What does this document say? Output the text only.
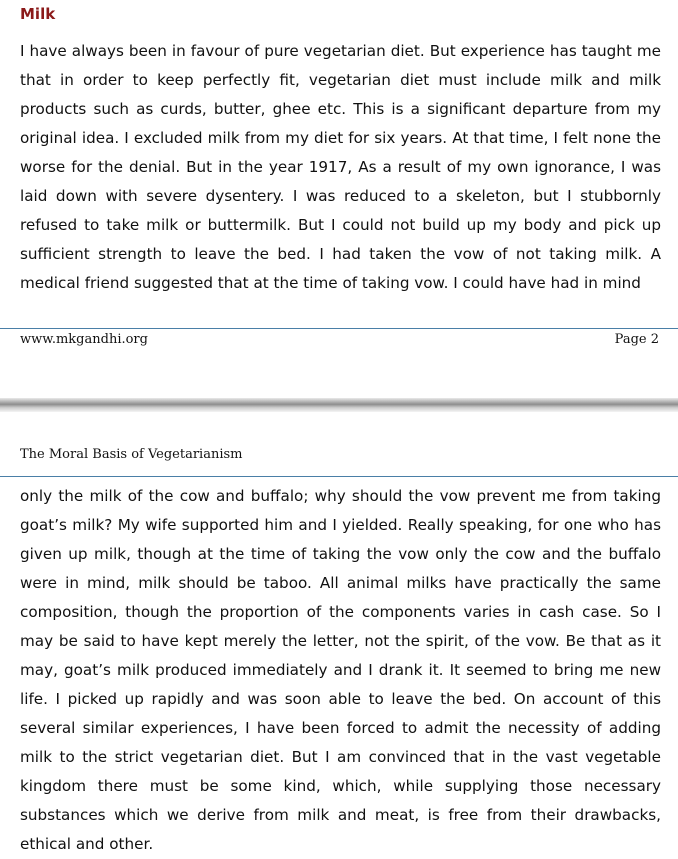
Milk

I have always been in favour of pure vegetarian diet. But experience has taught me that in order to keep perfectly fit, vegetarian diet must include milk and milk products such as curds, butter, ghee etc. This is a significant departure from my original idea. I excluded milk from my diet for six years. At that time, I felt none the worse for the denial. But in the year 1917, As a result of my own ignorance, I was laid down with severe dysentery. I was reduced to a skeleton, but I stubbornly refused to take milk or buttermilk. But I could not build up my body and pick up sufficient strength to leave the bed. I had taken the vow of not taking milk. A medical friend suggested that at the time of taking vow. I could have had in mind

www.mkgandhi.org	Page 2
The Moral Basis of Vegetarianism

only the milk of the cow and buffalo; why should the vow prevent me from taking goat’s milk? My wife supported him and I yielded. Really speaking, for one who has given up milk, though at the time of taking the vow only the cow and the buffalo were in mind, milk should be taboo. All animal milks have practically the same composition, though the proportion of the components varies in cash case. So I may be said to have kept merely the letter, not the spirit, of the vow. Be that as it may, goat’s milk produced immediately and I drank it. It seemed to bring me new life. I picked up rapidly and was soon able to leave the bed. On account of this several similar experiences, I have been forced to admit the necessity of adding milk to the strict vegetarian diet. But I am convinced that in the vast vegetable kingdom there must be some kind, which, while supplying those necessary substances which we derive from milk and meat, is free from their drawbacks, ethical and other.
